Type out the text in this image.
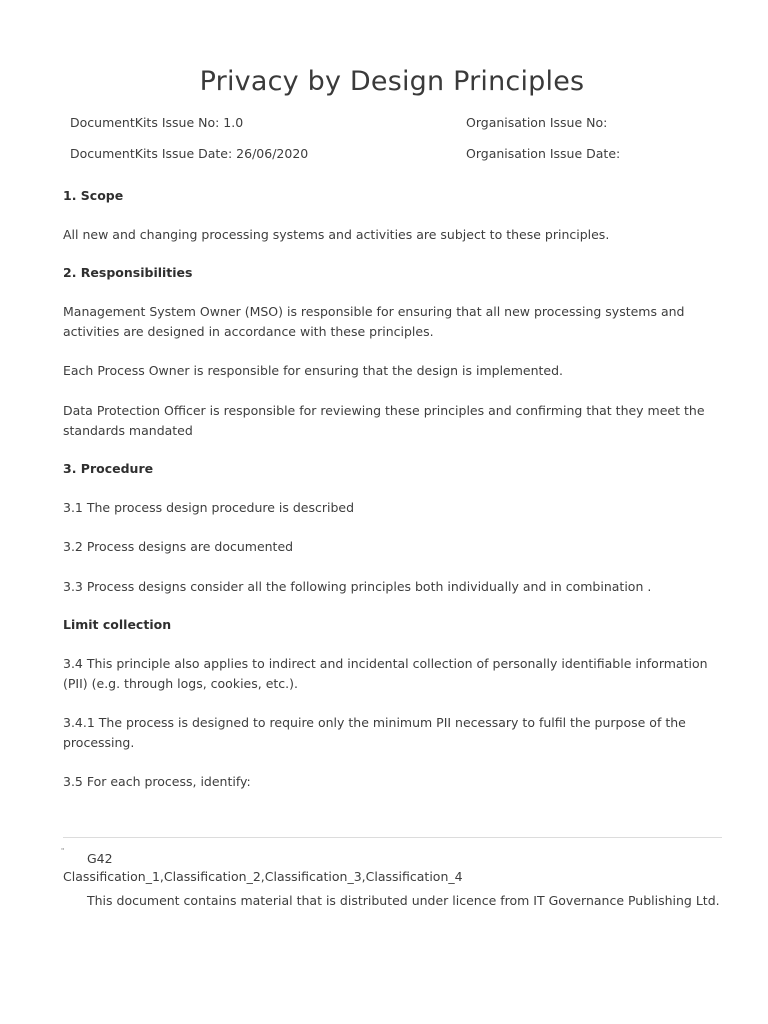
Privacy by Design Principles
DocumentKits Issue No: 1.0	Organisation Issue No:
DocumentKits Issue Date: 26/06/2020	Organisation Issue Date:

1. Scope

All new and changing processing systems and activities are subject to these principles.

2. Responsibilities

Management System Owner (MSO) is responsible for ensuring that all new processing systems and activities are designed in accordance with these principles.

Each Process Owner is responsible for ensuring that the design is implemented.

Data Protection Officer is responsible for reviewing these principles and confirming that they meet the standards mandated

3. Procedure

3.1 The process design procedure is described

3.2 Process designs are documented

3.3 Process designs consider all the following principles both individually and in combination .

Limit collection

3.4 This principle also applies to indirect and incidental collection of personally identifiable information (PII) (e.g. through logs, cookies, etc.).

3.4.1 The process is designed to require only the minimum PII necessary to fulfil the purpose of the processing.

3.5 For each process, identify:

" G42
Classification_1,Classification_2,Classification_3,Classification_4
This document contains material that is distributed under licence from IT Governance Publishing Ltd.
